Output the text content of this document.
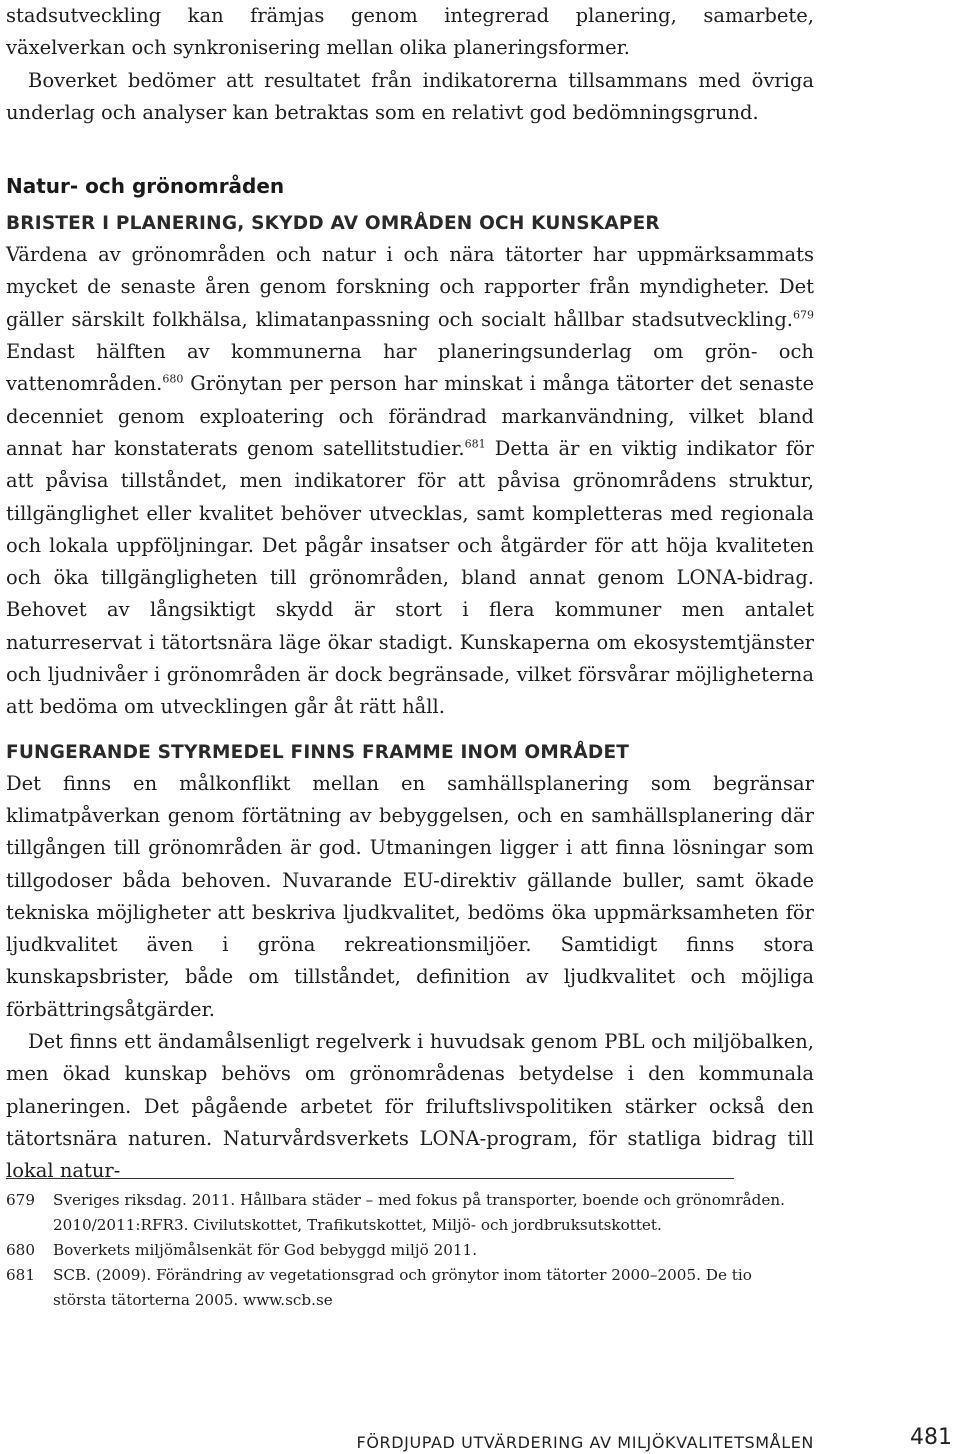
stadsutveckling kan främjas genom integrerad planering, samarbete, växelverkan och synkronisering mellan olika planeringsformer.

Boverket bedömer att resultatet från indikatorerna tillsammans med övriga underlag och analyser kan betraktas som en relativt god bedömningsgrund.

Natur- och grönområden
BRISTER I PLANERING, SKYDD AV OMRÅDEN OCH KUNSKAPER

Värdena av grönområden och natur i och nära tätorter har uppmärksammats mycket de senaste åren genom forskning och rapporter från myndigheter. Det gäller särskilt folkhälsa, klimatanpassning och socialt hållbar stadsutveckling.$^{679}$ Endast hälften av kommunerna har planeringsunderlag om grön- och vattenområden.$^{680}$ Grönytan per person har minskat i många tätorter det senaste decenniet genom exploatering och förändrad markanvändning, vilket bland annat har konstaterats genom satellitstudier.$^{681}$ Detta är en viktig indikator för att påvisa tillståndet, men indikatorer för att påvisa grönområdens struktur, tillgänglighet eller kvalitet behöver utvecklas, samt kompletteras med regionala och lokala uppföljningar. Det pågår insatser och åtgärder för att höja kvaliteten och öka tillgängligheten till grönområden, bland annat genom LONA-bidrag. Behovet av långsiktigt skydd är stort i flera kommuner men antalet naturreservat i tätortsnära läge ökar stadigt. Kunskaperna om ekosystemtjänster och ljudnivåer i grönområden är dock begränsade, vilket försvårar möjligheterna att bedöma om utvecklingen går åt rätt håll.

FUNGERANDE STYRMEDEL FINNS FRAMME INOM OMRÅDET

Det finns en målkonflikt mellan en samhällsplanering som begränsar klimatpåverkan genom förtätning av bebyggelsen, och en samhällsplanering där tillgången till grönområden är god. Utmaningen ligger i att finna lösningar som tillgodoser båda behoven. Nuvarande EU-direktiv gällande buller, samt ökade tekniska möjligheter att beskriva ljudkvalitet, bedöms öka uppmärksamheten för ljudkvalitet även i gröna rekreationsmiljöer. Samtidigt finns stora kunskapsbrister, både om tillståndet, definition av ljudkvalitet och möjliga förbättringsåtgärder.

Det finns ett ändamålsenligt regelverk i huvudsak genom PBL och miljöbalken, men ökad kunskap behövs om grönområdenas betydelse i den kommunala planeringen. Det pågående arbetet för friluftslivspolitiken stärker också den tätortsnära naturen. Naturvårdsverkets LONA-program, för statliga bidrag till lokal natur-

679	Sveriges riksdag. 2011. Hållbara städer – med fokus på transporter, boende och grönområden. 2010/2011:RFR3. Civilutskottet, Trafikutskottet, Miljö- och jordbruksutskottet.
680	Boverkets miljömålsenkät för God bebyggd miljö 2011.
681	SCB. (2009). Förändring av vegetationsgrad och grönytor inom tätorter 2000–2005. De tio största tätorterna 2005. www.scb.se
FÖRDJUPAD UTVÄRDERING AV MILJÖKVALITETSMÅLEN	481
